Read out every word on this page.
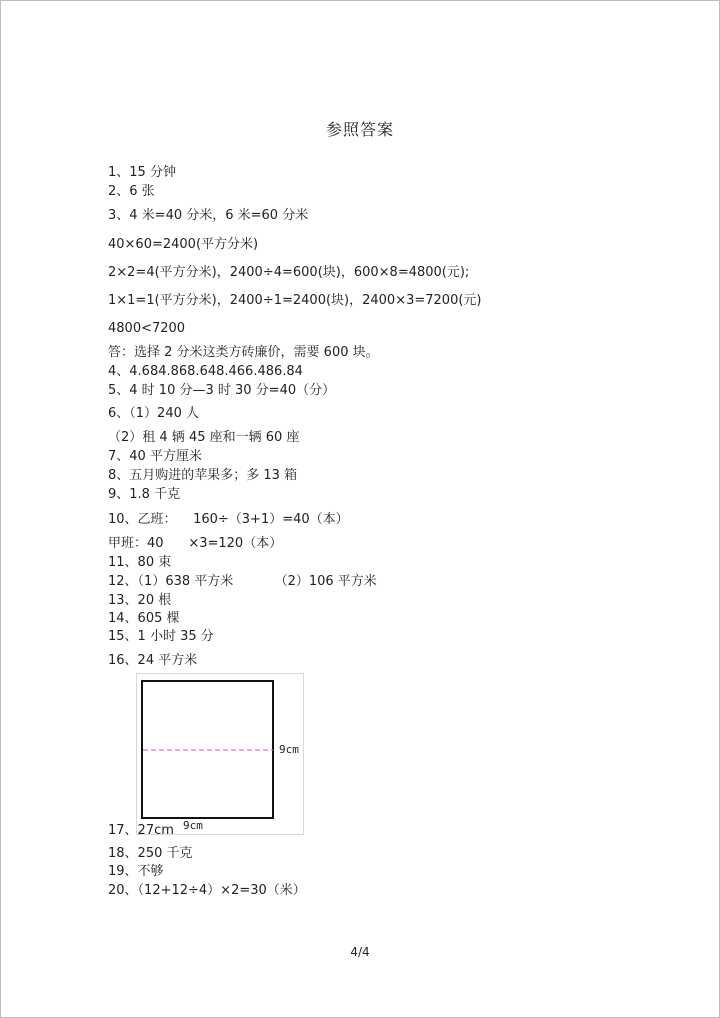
参照答案
1、15 分钟
2、6 张
3、4 米=40 分米，6 米=60 分米
40×60=2400(平方分米)
2×2=4(平方分米)，2400÷4=600(块)，600×8=4800(元);
1×1=1(平方分米)，2400÷1=2400(块)，2400×3=7200(元)
4800<7200
答：选择 2 分米这类方砖廉价，需要 600 块。
4、4.684.868.648.466.486.84
5、4 时 10 分—3 时 30 分=40（分）
6、（1）240 人
（2）租 4 辆 45 座和一辆 60 座
7、40 平方厘米
8、五月购进的苹果多；多 13 箱
9、1.8 千克
10、乙班：    160÷（3+1）=40（本）
甲班：40      ×3=120（本）
11、80 束
12、（1）638 平方米          （2）106 平方米
13、20 根
14、605 棵
15、1 小时 35 分
16、24 平方米
9cm
9cm
17、27cm
18、250 千克
19、不够
20、（12+12÷4）×2=30（米）
4/4
